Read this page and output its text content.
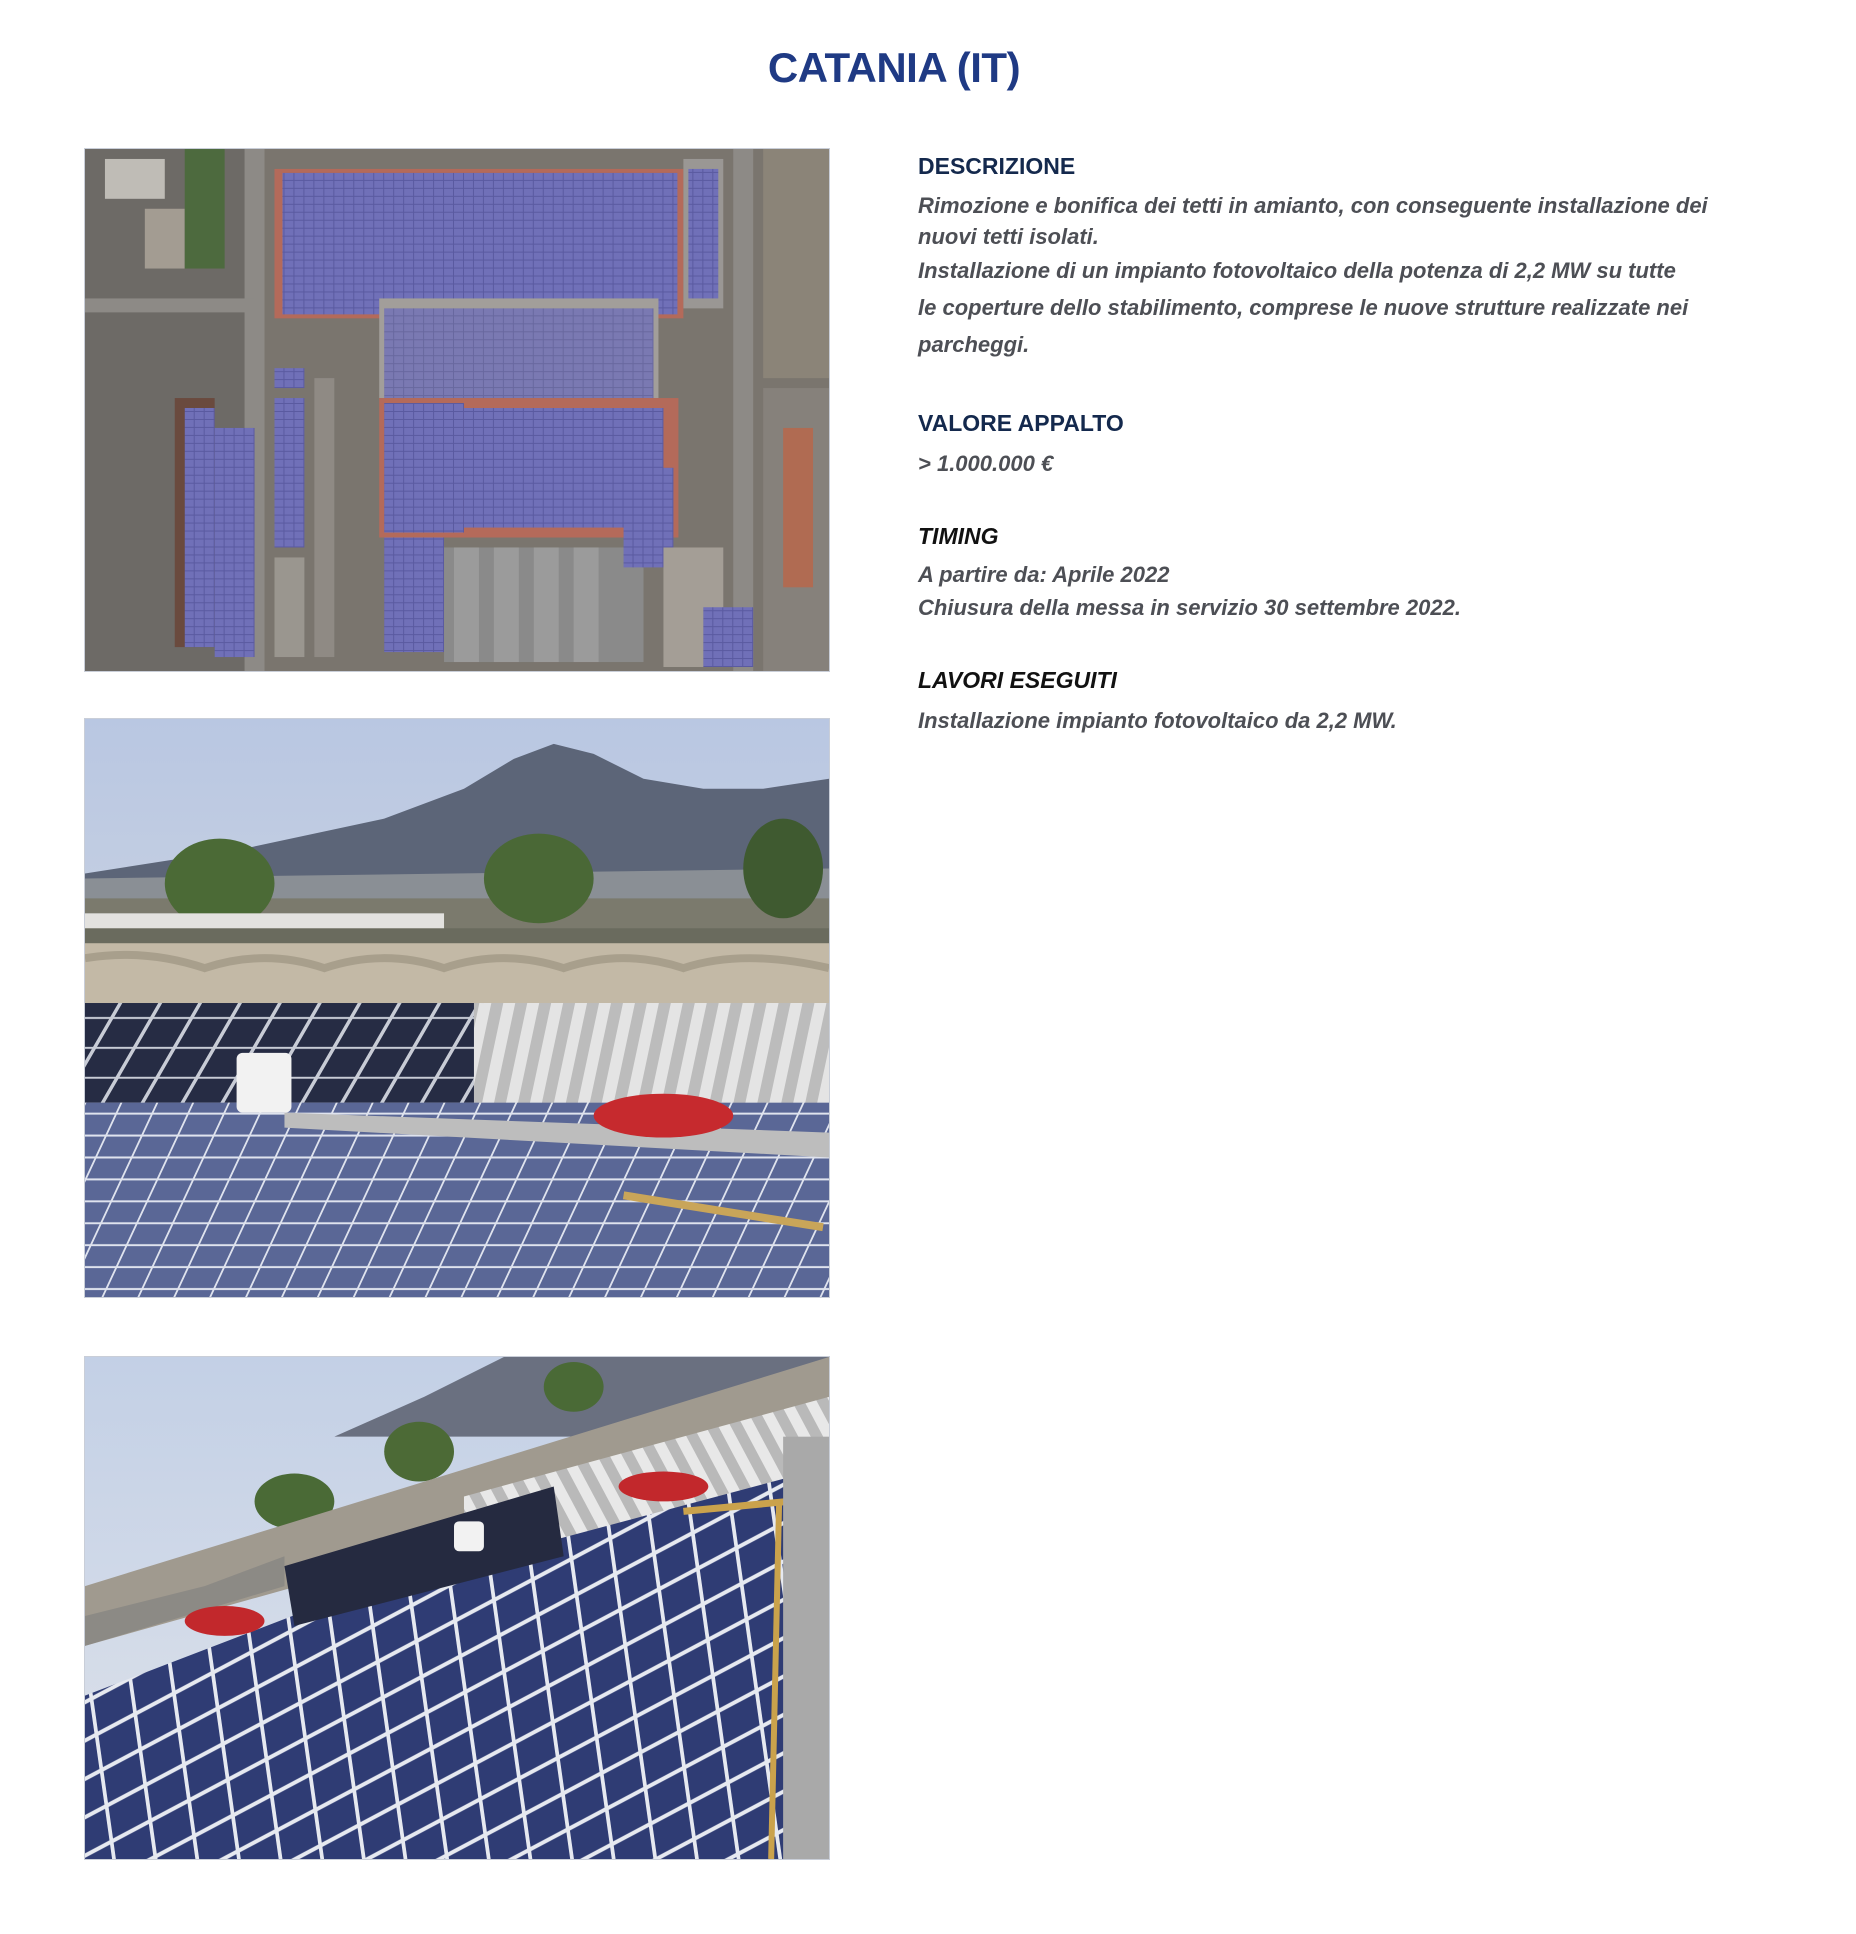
CATANIA (IT)

DESCRIZIONE

Rimozione e bonifica dei tetti in amianto, con conseguente installazione dei

nuovi tetti isolati.

Installazione di un impianto fotovoltaico della potenza di 2,2 MW su tutte

le coperture dello stabilimento, comprese le nuove strutture realizzate nei

parcheggi.

VALORE APPALTO

> 1.000.000 €

TIMING

A partire da: Aprile 2022

Chiusura della messa in servizio 30 settembre 2022.

LAVORI ESEGUITI

Installazione impianto fotovoltaico da 2,2 MW.
